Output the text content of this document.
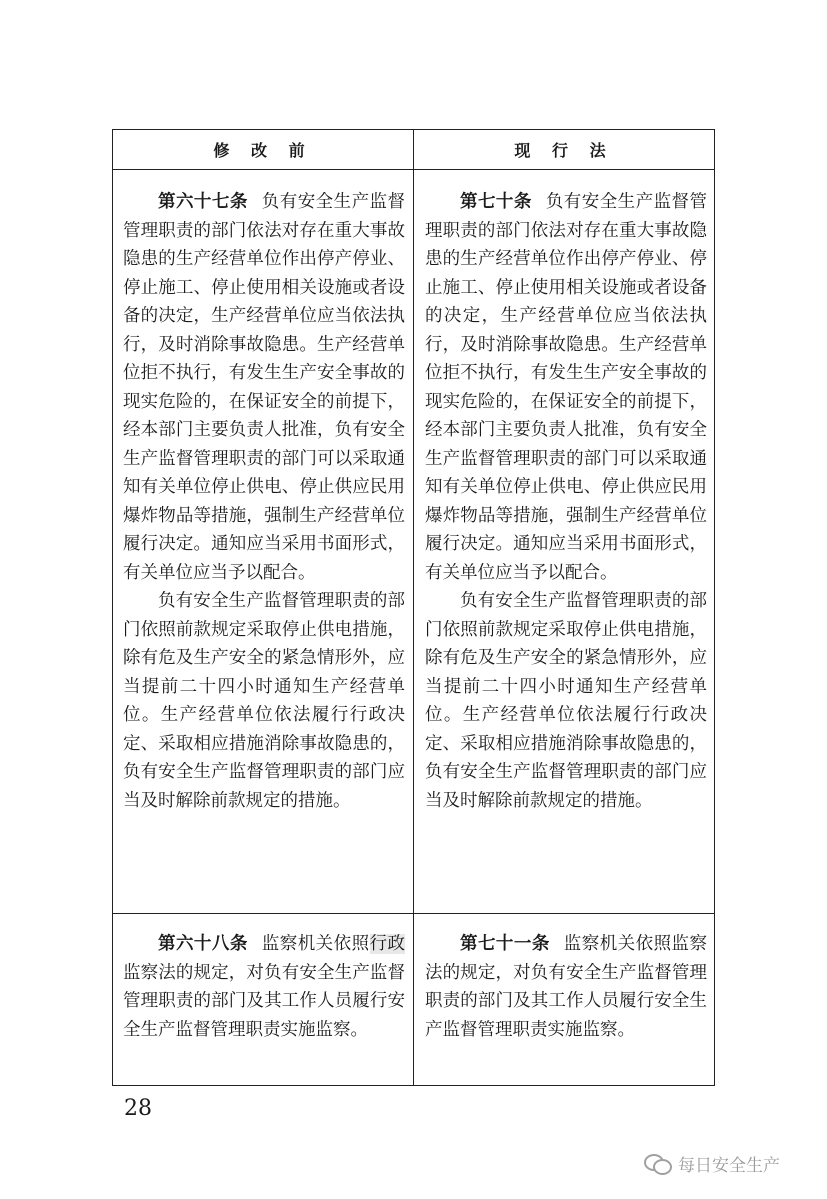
修 改 前	现 行 法

第六十七条 负有安全生产监督管理职责的部门依法对存在重大事故隐患的生产经营单位作出停产停业、停止施工、停止使用相关设施或者设备的决定，生产经营单位应当依法执行，及时消除事故隐患。生产经营单位拒不执行，有发生生产安全事故的现实危险的，在保证安全的前提下，经本部门主要负责人批准，负有安全生产监督管理职责的部门可以采取通知有关单位停止供电、停止供应民用爆炸物品等措施，强制生产经营单位履行决定。通知应当采用书面形式，有关单位应当予以配合。

负有安全生产监督管理职责的部门依照前款规定采取停止供电措施，除有危及生产安全的紧急情形外，应当提前二十四小时通知生产经营单位。生产经营单位依法履行行政决定、采取相应措施消除事故隐患的，负有安全生产监督管理职责的部门应当及时解除前款规定的措施。

第七十条 负有安全生产监督管理职责的部门依法对存在重大事故隐患的生产经营单位作出停产停业、停止施工、停止使用相关设施或者设备的决定，生产经营单位应当依法执行，及时消除事故隐患。生产经营单位拒不执行，有发生生产安全事故的现实危险的，在保证安全的前提下，经本部门主要负责人批准，负有安全生产监督管理职责的部门可以采取通知有关单位停止供电、停止供应民用爆炸物品等措施，强制生产经营单位履行决定。通知应当采用书面形式，有关单位应当予以配合。

负有安全生产监督管理职责的部门依照前款规定采取停止供电措施，除有危及生产安全的紧急情形外，应当提前二十四小时通知生产经营单位。生产经营单位依法履行行政决定、采取相应措施消除事故隐患的，负有安全生产监督管理职责的部门应当及时解除前款规定的措施。

第六十八条 监察机关依照行政监察法的规定，对负有安全生产监督管理职责的部门及其工作人员履行安全生产监督管理职责实施监察。

第七十一条 监察机关依照监察法的规定，对负有安全生产监督管理职责的部门及其工作人员履行安全生产监督管理职责实施监察。

28
每日安全生产
